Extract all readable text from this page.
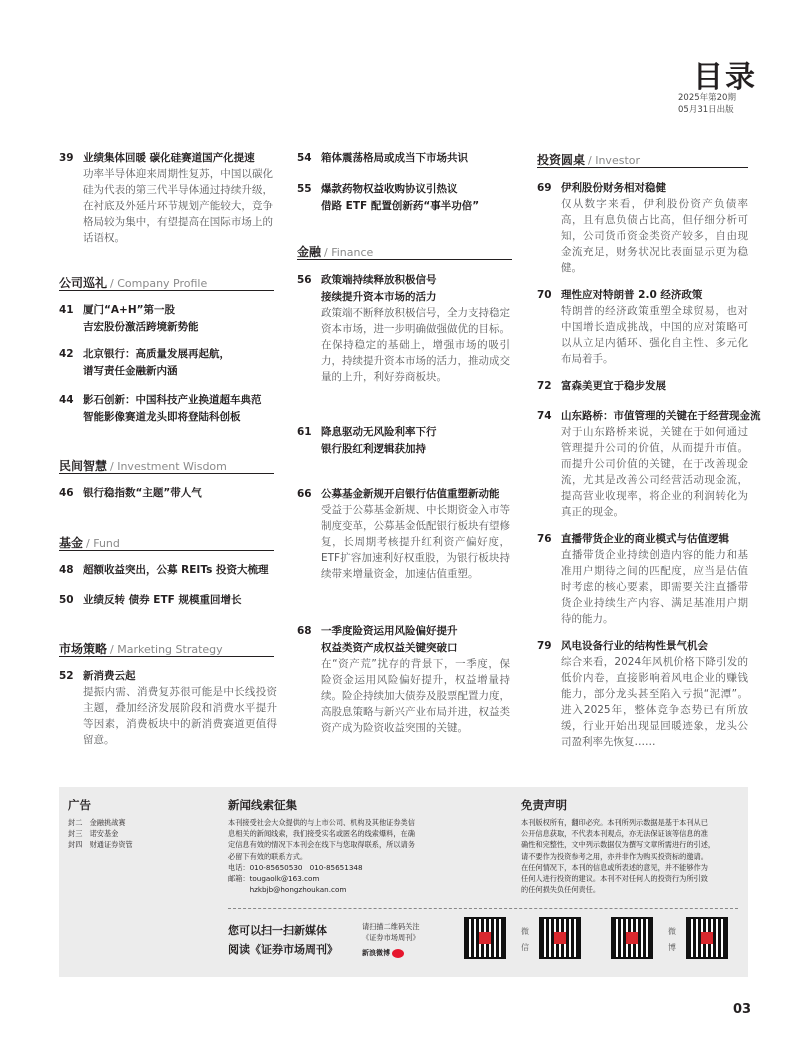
目录
2025年第20期
05月31日出版
39 业绩集体回暖 碳化硅赛道国产化提速
功率半导体迎来周期性复苏，中国以碳化硅为代表的第三代半导体通过持续升级，在衬底及外延片环节规划产能较大，竞争格局较为集中，有望提高在国际市场上的话语权。
公司巡礼 / Company Profile
41 厦门“A+H”第一股
吉宏股份激活跨境新势能
42 北京银行：高质量发展再起航，
谱写责任金融新内涵
44 影石创新：中国科技产业换道超车典范
智能影像赛道龙头即将登陆科创板
民间智慧 / Investment Wisdom
46 银行稳指数“主题”带人气
基金 / Fund
48 超额收益突出，公募 REITs 投资大梳理
50 业绩反转 债券 ETF 规模重回增长
市场策略 / Marketing Strategy
52 新消费云起
提振内需、消费复苏很可能是中长线投资主题，叠加经济发展阶段和消费水平提升等因素，消费板块中的新消费赛道更值得留意。
54 箱体震荡格局或成当下市场共识
55 爆款药物权益收购协议引热议
借路 ETF 配置创新药“事半功倍”
金融 / Finance
56 政策端持续释放积极信号
接续提升资本市场的活力
政策端不断释放积极信号，全力支持稳定资本市场，进一步明确做强做优的目标。在保持稳定的基础上，增强市场的吸引力，持续提升资本市场的活力，推动成交量的上升，利好券商板块。
61 降息驱动无风险利率下行
银行股红利逻辑获加持
66 公募基金新规开启银行估值重塑新动能
受益于公募基金新规、中长期资金入市等制度变革，公募基金低配银行板块有望修复，长周期考核提升红利资产偏好度，ETF扩容加速利好权重股，为银行板块持续带来增量资金，加速估值重塑。
68 一季度险资运用风险偏好提升
权益类资产成权益关键突破口
在“资产荒”扰存的背景下，一季度，保险资金运用风险偏好提升，权益增量持续。险企持续加大债券及股票配置力度，高股息策略与新兴产业布局并进，权益类资产成为险资收益突围的关键。
投资圆桌 / Investor
69 伊利股份财务相对稳健
仅从数字来看，伊利股份资产负债率高，且有息负债占比高，但仔细分析可知，公司货币资金类资产较多，自由现金流充足，财务状况比表面显示更为稳健。
70 理性应对特朗普 2.0 经济政策
特朗普的经济政策重塑全球贸易，也对中国增长造成挑战，中国的应对策略可以从立足内循环、强化自主性、多元化布局着手。
72 富森美更宜于稳步发展
74 山东路桥：市值管理的关键在于经营现金流
对于山东路桥来说，关键在于如何通过管理提升公司的价值，从而提升市值。而提升公司价值的关键，在于改善现金流，尤其是改善公司经营活动现金流，提高营业收现率，将企业的利润转化为真正的现金。
76 直播带货企业的商业模式与估值逻辑
直播带货企业持续创造内容的能力和基准用户期待之间的匹配度，应当是估值时考虑的核心要素，即需要关注直播带货企业持续生产内容、满足基准用户期待的能力。
79 风电设备行业的结构性景气机会
综合来看，2024年风机价格下降引发的低价内卷，直接影响着风电企业的赚钱能力，部分龙头甚至陷入亏损“泥潭”。进入2025年，整体竞争态势已有所放缓，行业开始出现显回暖迹象，龙头公司盈利率先恢复……
广告
封二　金融挑战赛
封三　诺安基金
封四　财通证券资管
新闻线索征集
本刊接受社会大众提供的与上市公司、机构及其他证券类信
息相关的新闻线索，我们接受实名或匿名的线索爆料，在确
定信息有效的情况下本刊会在线下与您取得联系，所以请务
必留下有效的联系方式。
电话：010-85650530　010-85651348
邮箱：tougaolk@163.com
　　　hzkbjb@hongzhoukan.com
免责声明
本刊版权所有，翻印必究。本刊所列示数据是基于本刊从已
公开信息获取，不代表本刊观点，亦无法保证该等信息的准
确性和完整性，文中列示数据仅为撰写文章所需进行的引述，
请不要作为投资参考之用，亦并非作为购买投资标的邀请。
在任何情况下，本刊的信息或所表述的意见，并不能够作为
任何人进行投资的建议。本刊不对任何人的投资行为所引致
的任何损失负任何责任。
您可以扫一扫新媒体
阅读《证券市场周刊》
请扫描二维码关注
《证券市场周刊》
新浪微博
微
信
微
博
03
